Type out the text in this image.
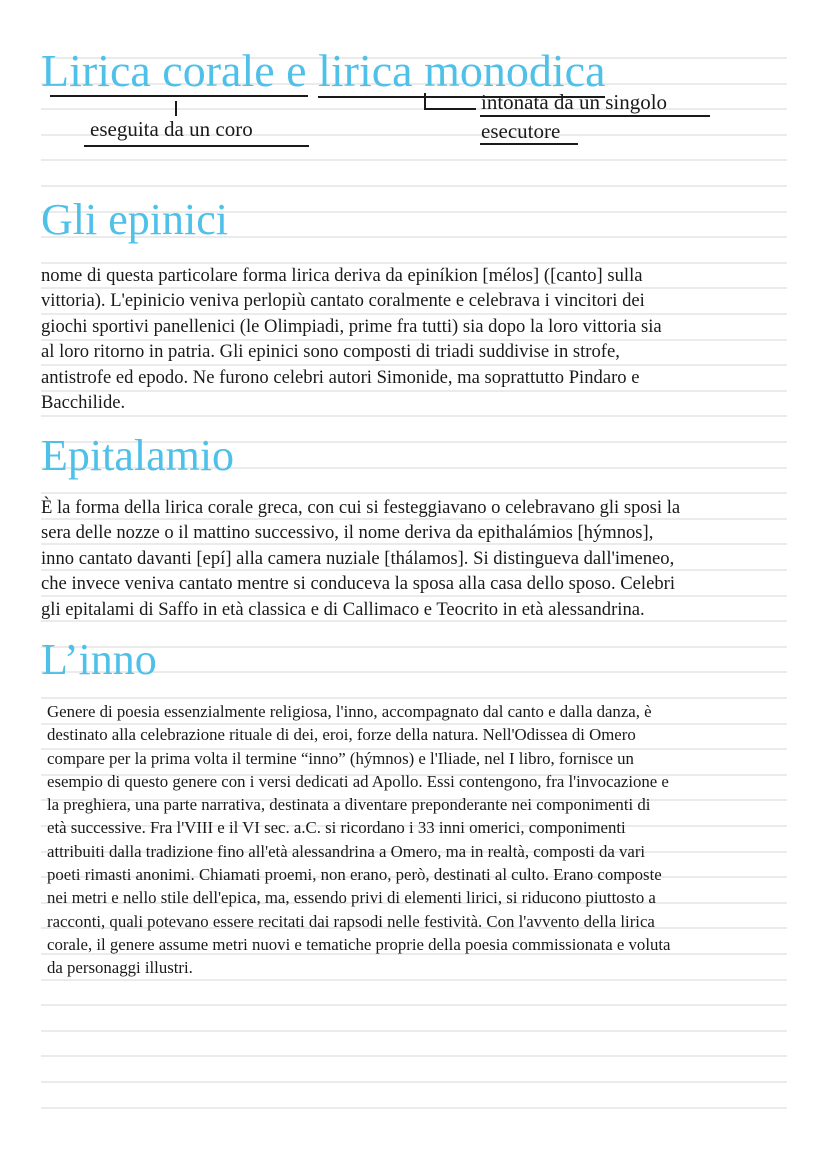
Lirica corale e lirica monodica
eseguita da un coro
intonata da un singolo
esecutore
Gli epinici

nome di questa particolare forma lirica deriva da epiníkion [mélos] ([canto] sulla
vittoria). L'epinicio veniva perlopiù cantato coralmente e celebrava i vincitori dei
giochi sportivi panellenici (le Olimpiadi, prime fra tutti) sia dopo la loro vittoria sia
al loro ritorno in patria. Gli epinici sono composti di triadi suddivise in strofe,
antistrofe ed epodo. Ne furono celebri autori Simonide, ma soprattutto Pindaro e
Bacchilide.

Epitalamio

È la forma della lirica corale greca, con cui si festeggiavano o celebravano gli sposi la
sera delle nozze o il mattino successivo, il nome deriva da epithalámios [hýmnos],
inno cantato davanti [epí] alla camera nuziale [thálamos]. Si distingueva dall'imeneo,
che invece veniva cantato mentre si conduceva la sposa alla casa dello sposo. Celebri
gli epitalami di Saffo in età classica e di Callimaco e Teocrito in età alessandrina.

L’inno

Genere di poesia essenzialmente religiosa, l'inno, accompagnato dal canto e dalla danza, è
destinato alla celebrazione rituale di dei, eroi, forze della natura. Nell'Odissea di Omero
compare per la prima volta il termine “inno” (hýmnos) e l'Iliade, nel I libro, fornisce un
esempio di questo genere con i versi dedicati ad Apollo. Essi contengono, fra l'invocazione e
la preghiera, una parte narrativa, destinata a diventare preponderante nei componimenti di
età successive. Fra l'VIII e il VI sec. a.C. si ricordano i 33 inni omerici, componimenti
attribuiti dalla tradizione fino all'età alessandrina a Omero, ma in realtà, composti da vari
poeti rimasti anonimi. Chiamati proemi, non erano, però, destinati al culto. Erano composte
nei metri e nello stile dell'epica, ma, essendo privi di elementi lirici, si riducono piuttosto a
racconti, quali potevano essere recitati dai rapsodi nelle festività. Con l'avvento della lirica
corale, il genere assume metri nuovi e tematiche proprie della poesia commissionata e voluta
da personaggi illustri.
